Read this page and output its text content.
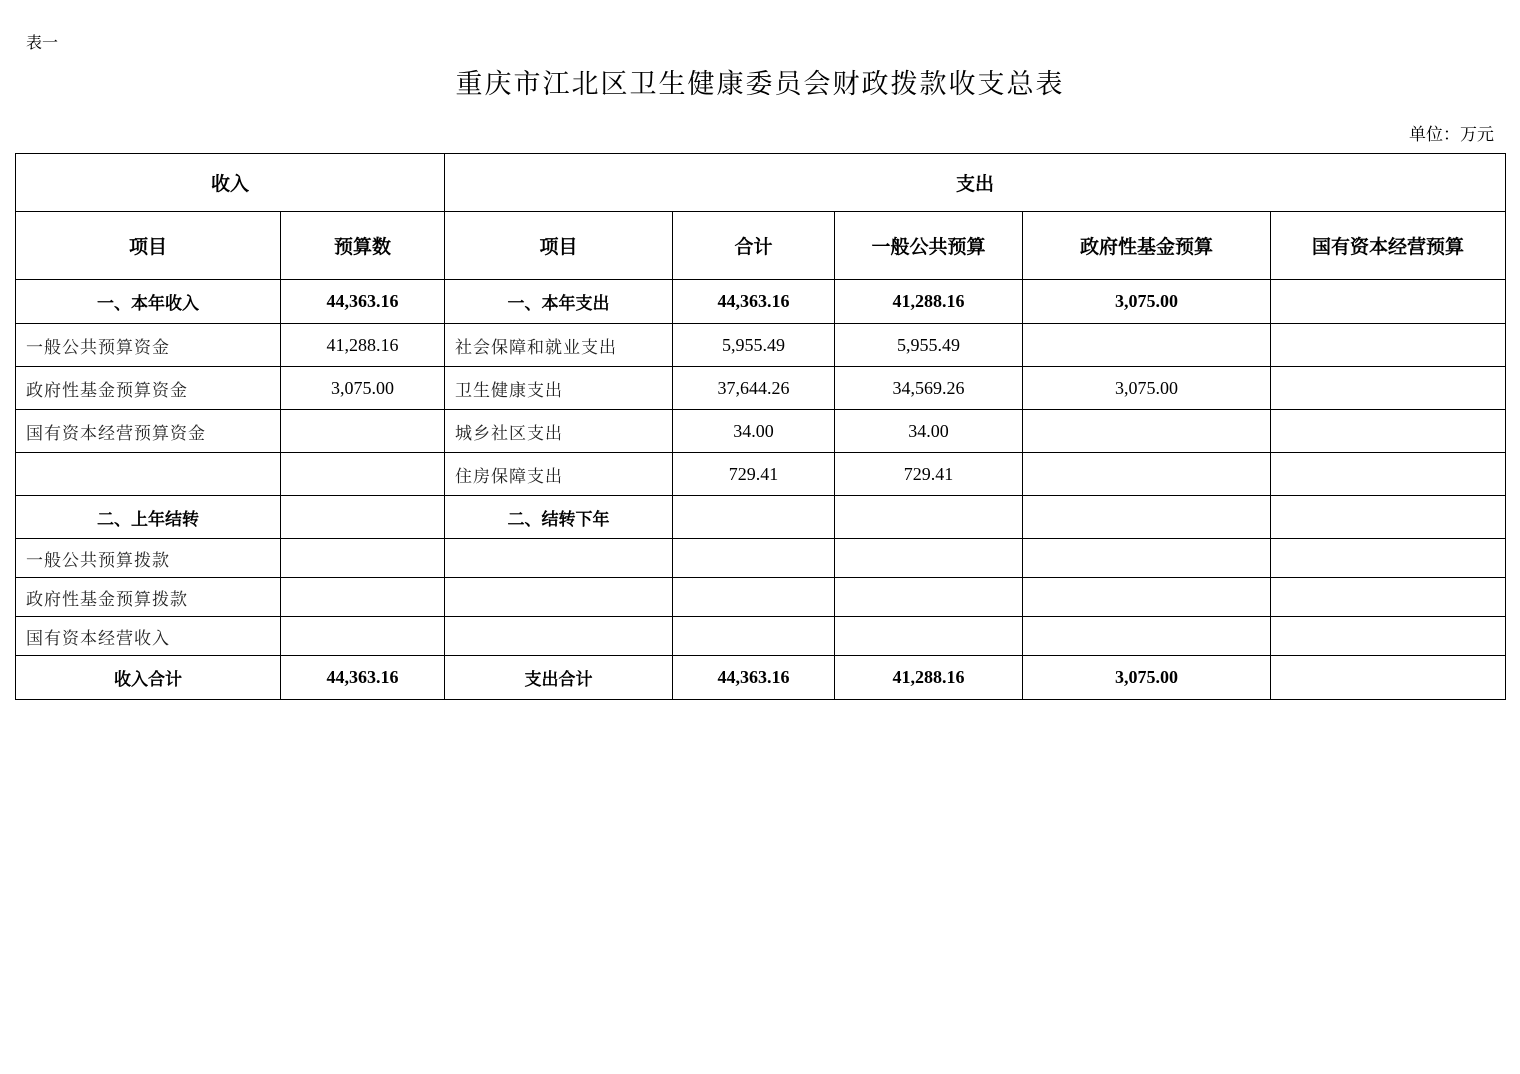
表一
重庆市江北区卫生健康委员会财政拨款收支总表
单位：万元
收入		支出				
项目	预算数	项目	合计	一般公共预算	政府性基金预算	国有资本经营预算
一、本年收入	44,363.16	一、本年支出	44,363.16	41,288.16	3,075.00	
一般公共预算资金	41,288.16	社会保障和就业支出	5,955.49	5,955.49		
政府性基金预算资金	3,075.00	卫生健康支出	37,644.26	34,569.26	3,075.00	
国有资本经营预算资金		城乡社区支出	34.00	34.00		
		住房保障支出	729.41	729.41		
二、上年结转		二、结转下年				
一般公共预算拨款						
政府性基金预算拨款						
国有资本经营收入						
收入合计	44,363.16	支出合计	44,363.16	41,288.16	3,075.00	
